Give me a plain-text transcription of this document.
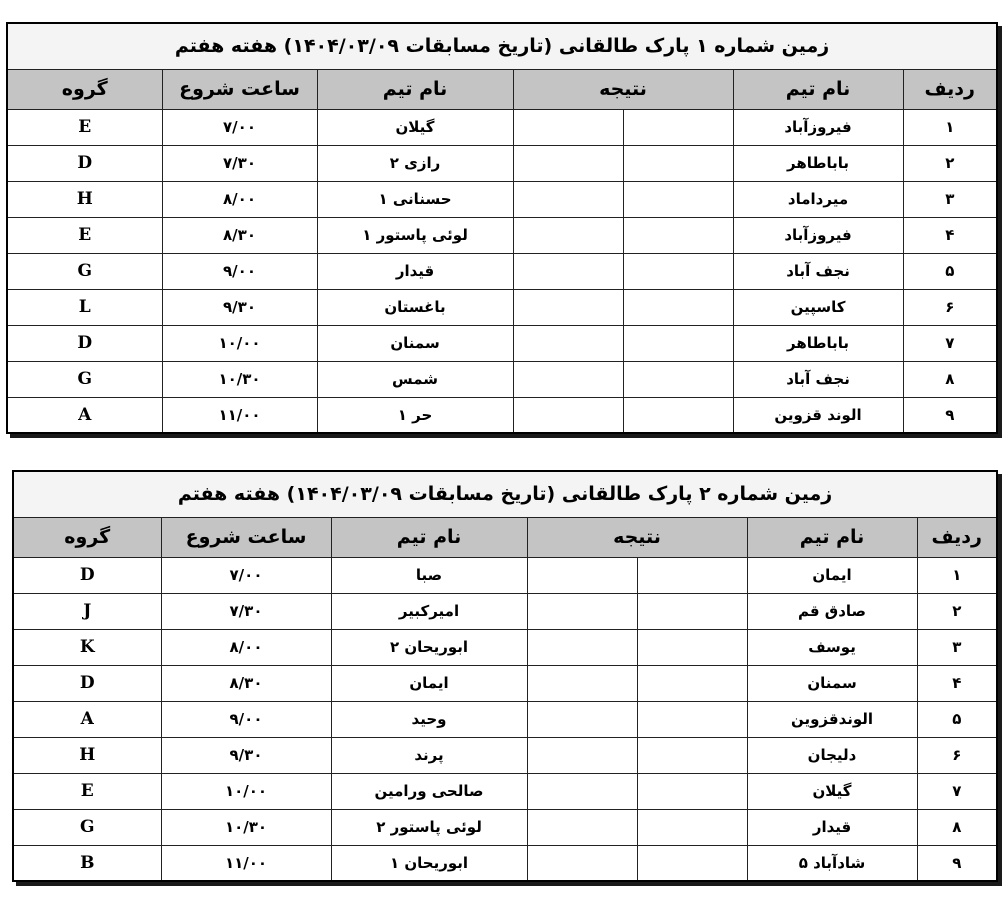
زمین شماره ۱ پارک طالقانی (تاریخ مسابقات ۱۴۰۴/۰۳/۰۹) هفته هفتم						
ردیف	نام تیم	نتیجه		نام تیم	ساعت شروع	گروه
۱	فیروزآباد			گیلان	۷/۰۰	E
۲	باباطاهر			رازی ۲	۷/۳۰	D
۳	میرداماد			حسنانی ۱	۸/۰۰	H
۴	فیروزآباد			لوئی پاستور ۱	۸/۳۰	E
۵	نجف آباد			قیدار	۹/۰۰	G
۶	کاسپین			باغستان	۹/۳۰	L
۷	باباطاهر			سمنان	۱۰/۰۰	D
۸	نجف آباد			شمس	۱۰/۳۰	G
۹	الوند قزوین			حر ۱	۱۱/۰۰	A
زمین شماره ۲ پارک طالقانی (تاریخ مسابقات ۱۴۰۴/۰۳/۰۹) هفته هفتم						
ردیف	نام تیم	نتیجه		نام تیم	ساعت شروع	گروه
۱	ایمان			صبا	۷/۰۰	D
۲	صادق قم			امیرکبیر	۷/۳۰	J
۳	یوسف			ابوریحان ۲	۸/۰۰	K
۴	سمنان			ایمان	۸/۳۰	D
۵	الوندقزوین			وحید	۹/۰۰	A
۶	دلیجان			پرند	۹/۳۰	H
۷	گیلان			صالحی ورامین	۱۰/۰۰	E
۸	قیدار			لوئی پاستور ۲	۱۰/۳۰	G
۹	شادآباد ۵			ابوریحان ۱	۱۱/۰۰	B
